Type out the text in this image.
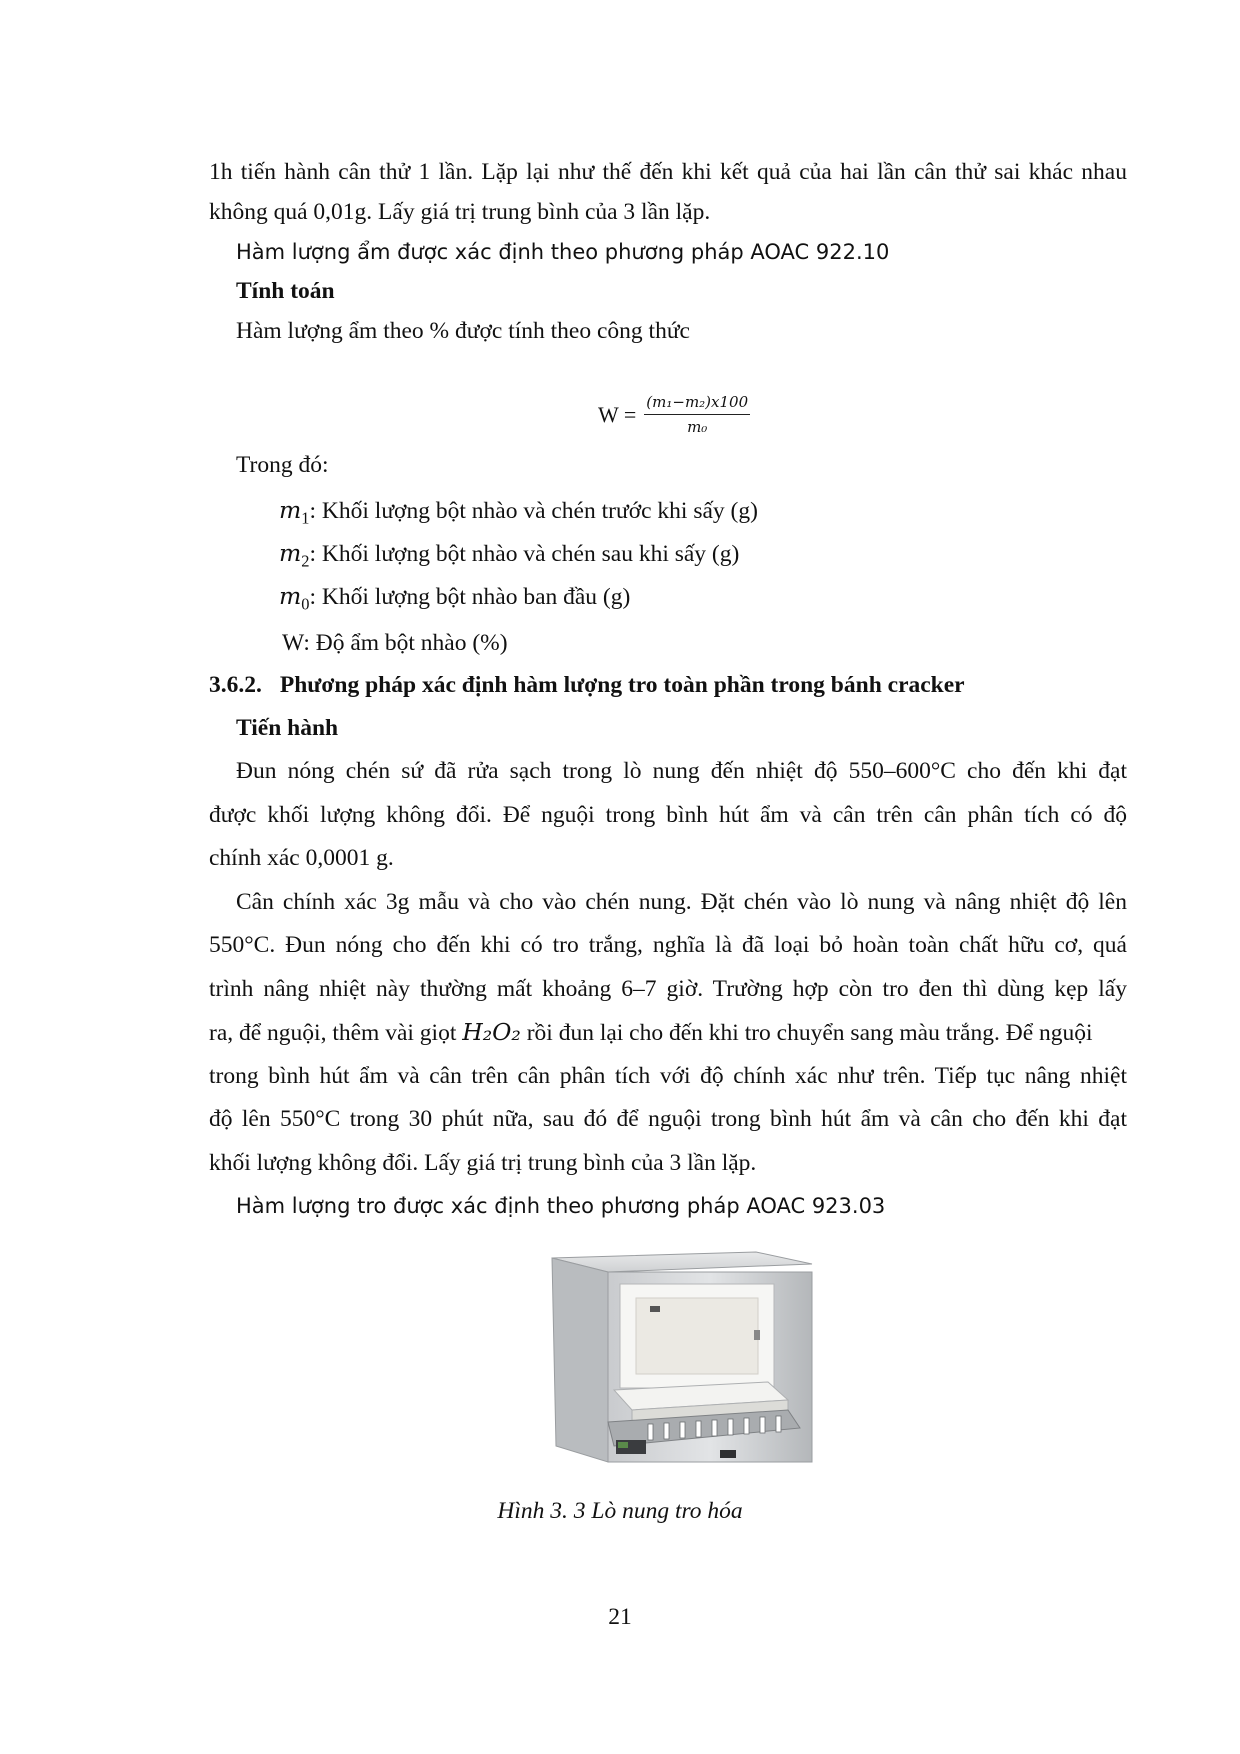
1h tiến hành cân thử 1 lần. Lặp lại như thế đến khi kết quả của hai lần cân thử sai khác nhau
không quá 0,01g. Lấy giá trị trung bình của 3 lần lặp.
Hàm lượng ẩm được xác định theo phương pháp AOAC 922.10
Tính toán
Hàm lượng ẩm theo % được tính theo công thức
$W = \frac{\text{(m₁−m₂)x100}}{\text{m₀}}$
Trong đó:
$m_1$: Khối lượng bột nhào và chén trước khi sấy (g)
$m_2$: Khối lượng bột nhào và chén sau khi sấy (g)
$m_0$: Khối lượng bột nhào ban đầu (g)
W: Độ ẩm bột nhào (%)
3.6.2. Phương pháp xác định hàm lượng tro toàn phần trong bánh cracker
Tiến hành
Đun nóng chén sứ đã rửa sạch trong lò nung đến nhiệt độ 550–600°C cho đến khi đạt
được khối lượng không đổi. Để nguội trong bình hút ẩm và cân trên cân phân tích có độ
chính xác 0,0001 g.
Cân chính xác 3g mẫu và cho vào chén nung. Đặt chén vào lò nung và nâng nhiệt độ lên
550°C. Đun nóng cho đến khi có tro trắng, nghĩa là đã loại bỏ hoàn toàn chất hữu cơ, quá
trình nâng nhiệt này thường mất khoảng 6–7 giờ. Trường hợp còn tro đen thì dùng kẹp lấy
ra, để nguội, thêm vài giọt H₂O₂ rồi đun lại cho đến khi tro chuyển sang màu trắng. Để nguội
trong bình hút ẩm và cân trên cân phân tích với độ chính xác như trên. Tiếp tục nâng nhiệt
độ lên 550°C trong 30 phút nữa, sau đó để nguội trong bình hút ẩm và cân cho đến khi đạt
khối lượng không đổi. Lấy giá trị trung bình của 3 lần lặp.
Hàm lượng tro được xác định theo phương pháp AOAC 923.03
Hình 3. 3 Lò nung tro hóa
21
